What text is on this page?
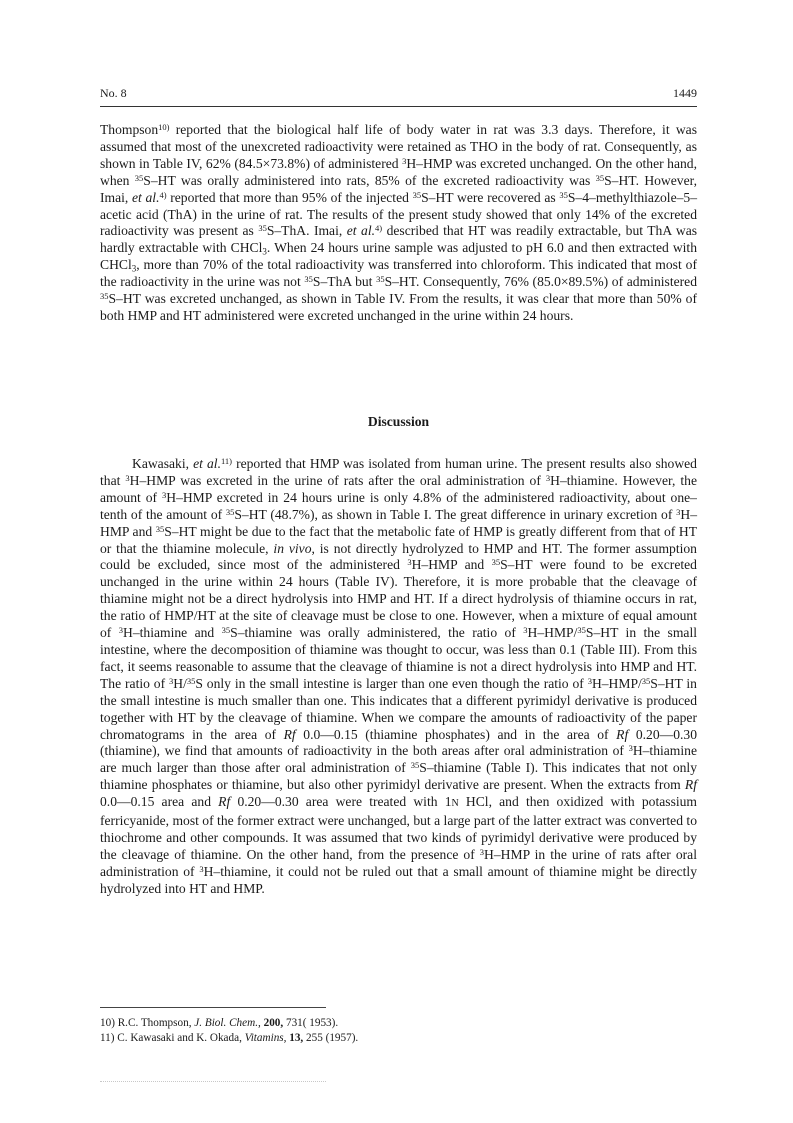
No. 8	1449

Thompson$^{10)}$ reported that the biological half life of body water in rat was 3.3 days. Therefore, it was assumed that most of the unexcreted radioactivity were retained as THO in the body of rat. Consequently, as shown in Table IV, 62% (84.5×73.8%) of administered $^3$H–HMP was excreted unchanged. On the other hand, when $^{35}$S–HT was orally administered into rats, 85% of the excreted radioactivity was $^{35}$S–HT. However, Imai, et al.$^{4)}$ reported that more than 95% of the injected $^{35}$S–HT were recovered as $^{35}$S–4–methylthiazole–5–acetic acid (ThA) in the urine of rat. The results of the present study showed that only 14% of the excreted radioactivity was present as $^{35}$S–ThA. Imai, et al.$^{4)}$ described that HT was readily extractable, but ThA was hardly extractable with CHCl$_3$. When 24 hours urine sample was adjusted to pH 6.0 and then extracted with CHCl$_3$, more than 70% of the total radioactivity was transferred into chloroform. This indicated that most of the radioactivity in the urine was not $^{35}$S–ThA but $^{35}$S–HT. Consequently, 76% (85.0×89.5%) of administered $^{35}$S–HT was excreted unchanged, as shown in Table IV. From the results, it was clear that more than 50% of both HMP and HT administered were excreted unchanged in the urine within 24 hours.

Discussion

Kawasaki, et al.$^{11)}$ reported that HMP was isolated from human urine. The present results also showed that $^3$H–HMP was excreted in the urine of rats after the oral administration of $^3$H–thiamine. However, the amount of $^3$H–HMP excreted in 24 hours urine is only 4.8% of the administered radioactivity, about one–tenth of the amount of $^{35}$S–HT (48.7%), as shown in Table I. The great difference in urinary excretion of $^3$H–HMP and $^{35}$S–HT might be due to the fact that the metabolic fate of HMP is greatly different from that of HT or that the thiamine molecule, in vivo, is not directly hydrolyzed to HMP and HT. The former assumption could be excluded, since most of the administered $^3$H–HMP and $^{35}$S–HT were found to be excreted unchanged in the urine within 24 hours (Table IV). Therefore, it is more probable that the cleavage of thiamine might not be a direct hydrolysis into HMP and HT. If a direct hydrolysis of thiamine occurs in rat, the ratio of HMP/HT at the site of cleavage must be close to one. However, when a mixture of equal amount of $^3$H–thiamine and $^{35}$S–thiamine was orally administered, the ratio of $^3$H–HMP/$^{35}$S–HT in the small intestine, where the decomposition of thiamine was thought to occur, was less than 0.1 (Table III). From this fact, it seems reasonable to assume that the cleavage of thiamine is not a direct hydrolysis into HMP and HT. The ratio of $^3$H/$^{35}$S only in the small intestine is larger than one even though the ratio of $^3$H–HMP/$^{35}$S–HT in the small intestine is much smaller than one. This indicates that a different pyrimidyl derivative is produced together with HT by the cleavage of thiamine. When we compare the amounts of radioactivity of the paper chromatograms in the area of Rf 0.0—0.15 (thiamine phosphates) and in the area of Rf 0.20—0.30 (thiamine), we find that amounts of radioactivity in the both areas after oral administration of $^3$H–thiamine are much larger than those after oral administration of $^{35}$S–thiamine (Table I). This indicates that not only thiamine phosphates or thiamine, but also other pyrimidyl derivative are present. When the extracts from Rf 0.0—0.15 area and Rf 0.20—0.30 area were treated with 1N HCl, and then oxidized with potassium ferricyanide, most of the former extract were unchanged, but a large part of the latter extract was converted to thiochrome and other compounds. It was assumed that two kinds of pyrimidyl derivative were produced by the cleavage of thiamine. On the other hand, from the presence of $^3$H–HMP in the urine of rats after oral administration of $^3$H–thiamine, it could not be ruled out that a small amount of thiamine might be directly hydrolyzed into HT and HMP.

10) R.C. Thompson, J. Biol. Chem., 200, 731( 1953).
11) C. Kawasaki and K. Okada, Vitamins, 13, 255 (1957).
